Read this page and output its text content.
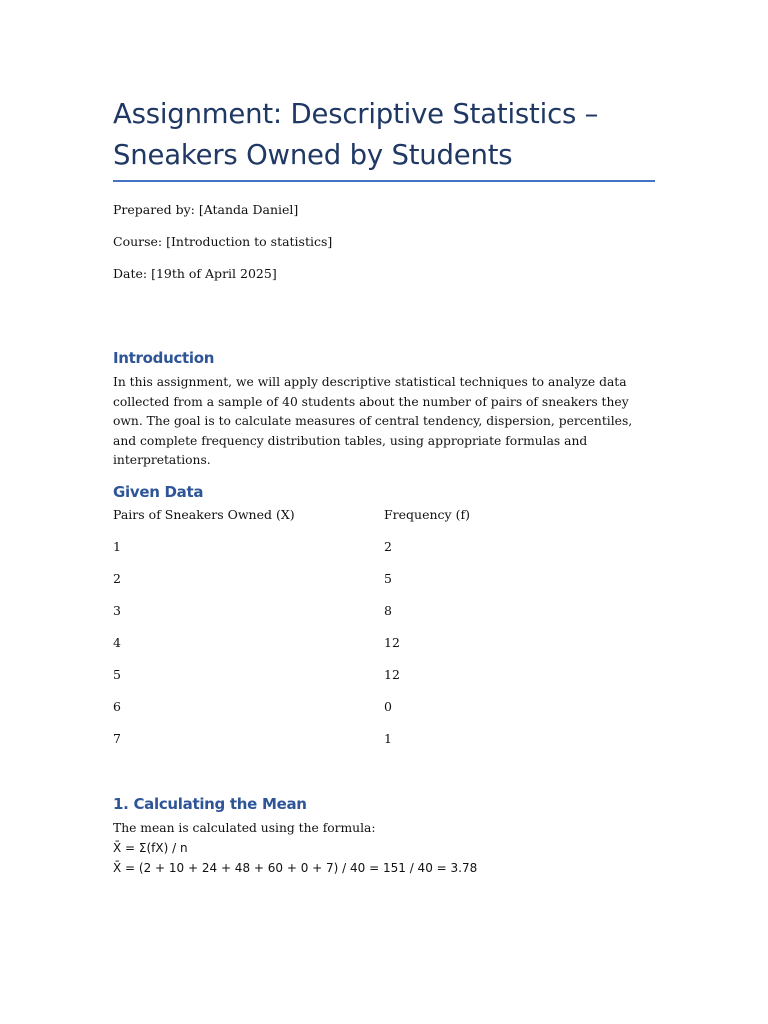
Assignment: Descriptive Statistics – Sneakers Owned by Students

Prepared by: [Atanda Daniel]

Course: [Introduction to statistics]

Date: [19th of April 2025]

Introduction

In this assignment, we will apply descriptive statistical techniques to analyze data collected from a sample of 40 students about the number of pairs of sneakers they own. The goal is to calculate measures of central tendency, dispersion, percentiles, and complete frequency distribution tables, using appropriate formulas and interpretations.

Given Data
Pairs of Sneakers Owned (X)	Frequency (f)
1	2
2	5
3	8
4	12
5	12
6	0
7	1
1. Calculating the Mean

The mean is calculated using the formula:

X̄ = Σ(fX) / n

X̄ = (2 + 10 + 24 + 48 + 60 + 0 + 7) / 40 = 151 / 40 = 3.78
